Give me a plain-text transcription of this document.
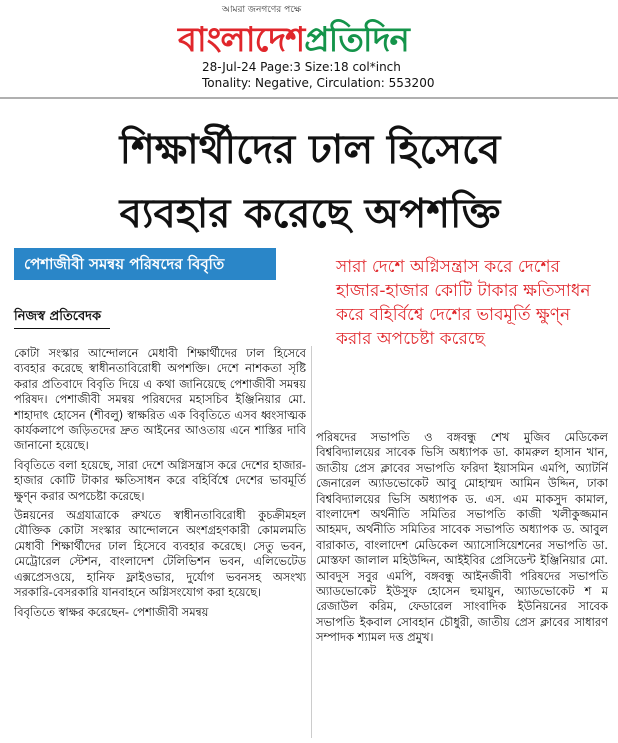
আমরা জনগণের পক্ষে
বাংলাদেশপ্রতিদিন
28-Jul-24 Page:3 Size:18 col*inch
Tonality: Negative, Circulation: 553200
শিক্ষার্থীদের ঢাল হিসেবে
ব্যবহার করেছে অপশক্তি
পেশাজীবী সমন্বয় পরিষদের বিবৃতি	সারা দেশে অগ্নিসন্ত্রাস করে দেশের হাজার-হাজার কোটি টাকার ক্ষতিসাধন করে বহির্বিশ্বে দেশের ভাবমূর্তি ক্ষুণ্ন করার অপচেষ্টা করেছে
নিজস্ব প্রতিবেদক

কোটা সংস্কার আন্দোলনে মেধাবী শিক্ষার্থীদের ঢাল হিসেবে ব্যবহার করেছে স্বাধীনতাবিরোধী অপশক্তি। দেশে নাশকতা সৃষ্টি করার প্রতিবাদে বিবৃতি দিয়ে এ কথা জানিয়েছে পেশাজীবী সমন্বয় পরিষদ। পেশাজীবী সমন্বয় পরিষদের মহাসচিব ইঞ্জিনিয়ার মো. শাহাদাৎ হোসেন (শীবলু) স্বাক্ষরিত এক বিবৃতিতে এসব ধ্বংসাত্মক কার্যকলাপে জড়িতদের দ্রুত আইনের আওতায় এনে শাস্তির দাবি জানানো হয়েছে।

বিবৃতিতে বলা হয়েছে, সারা দেশে অগ্নিসন্ত্রাস করে দেশের হাজার-হাজার কোটি টাকার ক্ষতিসাধন করে বহির্বিশ্বে দেশের ভাবমূর্তি ক্ষুণ্ন করার অপচেষ্টা করেছে।

উন্নয়নের অগ্রযাত্রাকে রুখতে স্বাধীনতাবিরোধী কুচক্রীমহল যৌক্তিক কোটা সংস্কার আন্দোলনে অংশগ্রহণকারী কোমলমতি মেধাবী শিক্ষার্থীদের ঢাল হিসেবে ব্যবহার করেছে। সেতু ভবন, মেট্রোরেল স্টেশন, বাংলাদেশ টেলিভিশন ভবন, এলিভেটেড এক্সপ্রেসওয়ে, হানিফ ফ্লাইওভার, দুর্যোগ ভবনসহ অসংখ্য সরকারি-বেসরকারি যানবাহনে অগ্নিসংযোগ করা হয়েছে।

বিবৃতিতে স্বাক্ষর করেছেন- পেশাজীবী সমন্বয়

পরিষদের সভাপতি ও বঙ্গবন্ধু শেখ মুজিব মেডিকেল বিশ্ববিদ্যালয়ের সাবেক ভিসি অধ্যাপক ডা. কামরুল হাসান খান, জাতীয় প্রেস ক্লাবের সভাপতি ফরিদা ইয়াসমিন এমপি, অ্যাটর্নি জেনারেল অ্যাডভোকেট আবু মোহাম্মদ আমিন উদ্দিন, ঢাকা বিশ্ববিদ্যালয়ের ভিসি অধ্যাপক ড. এস. এম মাকসুদ কামাল, বাংলাদেশ অর্থনীতি সমিতির সভাপতি কাজী খলীকুজ্জমান আহমদ, অর্থনীতি সমিতির সাবেক সভাপতি অধ্যাপক ড. আবুল বারাকাত, বাংলাদেশ মেডিকেল অ্যাসোসিয়েশনের সভাপতি ডা. মোস্তফা জালাল মহিউদ্দিন, আইইবির প্রেসিডেন্ট ইঞ্জিনিয়ার মো. আবদুস সবুর এমপি, বঙ্গবন্ধু আইনজীবী পরিষদের সভাপতি অ্যাডভোকেট ইউসুফ হোসেন হুমায়ুন, অ্যাডভোকেট শ ম রেজাউল করিম, ফেডারেল সাংবাদিক ইউনিয়নের সাবেক সভাপতি ইকবাল সোবহান চৌধুরী, জাতীয় প্রেস ক্লাবের সাধারণ সম্পাদক শ্যামল দত্ত প্রমুখ।
